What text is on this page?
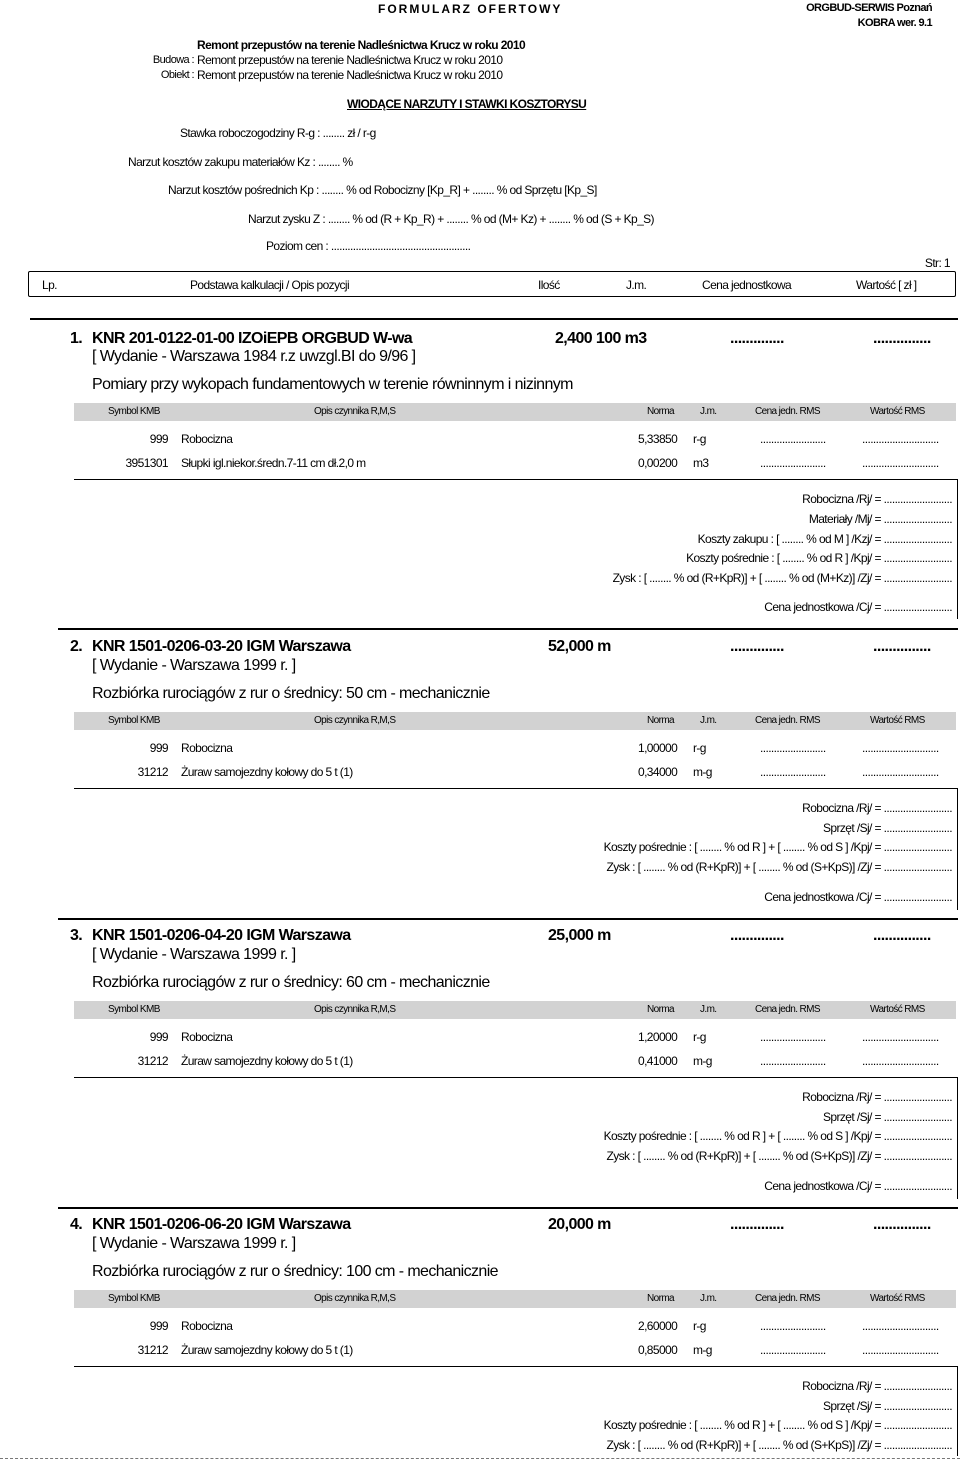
FORMULARZ OFERTOWY	ORGBUD-SERWIS Poznań
KOBRA wer. 9.1
Remont przepustów na terenie Nadleśnictwa Krucz w roku 2010
Budowa : Remont przepustów na terenie Nadleśnictwa Krucz w roku 2010
Obiekt : Remont przepustów na terenie Nadleśnictwa Krucz w roku 2010
WIODĄCE NARZUTY I STAWKI KOSZTORYSU
Stawka roboczogodziny R-g : ........ zł / r-g
Narzut kosztów zakupu materiałów Kz : ........ %
Narzut kosztów pośrednich Kp : ........ % od Robocizny [Kp_R] + ........ % od Sprzętu [Kp_S]
Narzut zysku Z : ........ % od (R + Kp_R) + ........ % od (M+ Kz) + ........ % od (S + Kp_S)
Poziom cen : ...................................................
Str: 1
Lp.	Podstawa kalkulacji / Opis pozycji	Ilość	J.m.	Cena jednostkowa	Wartość [ zł ]
1. KNR 201-0122-01-00 IZOiEPB ORGBUD W-wa	2,400 100 m3	..............	...............
[ Wydanie - Warszawa 1984 r.z uwzgl.BI do 9/96 ]
Pomiary przy wykopach fundamentowych w terenie równinnym i nizinnym
Symbol KMB	Opis czynnika R,M,S	Norma	J.m.	Cena jedn. RMS	Wartość RMS
999 Robocizna	5,33850 r-g	........................	............................
3951301 Słupki igl.niekor.średn.7-11 cm dł.2,0 m	0,00200 m3	........................	............................
Robocizna /Rj/ = .........................
Materiały /Mj/ = .........................
Koszty zakupu : [ ........ % od M ] /Kzj/ = .........................
Koszty pośrednie : [ ........ % od R ] /Kpj/ = .........................
Zysk : [ ........ % od (R+KpR)] + [ ........ % od (M+Kz)] /Zj/ = .........................
Cena jednostkowa /Cj/ = .........................
2. KNR 1501-0206-03-20 IGM Warszawa	52,000 m	..............	...............
[ Wydanie - Warszawa 1999 r. ]
Rozbiórka rurociągów z rur o średnicy: 50 cm - mechanicznie
Symbol KMB	Opis czynnika R,M,S	Norma	J.m.	Cena jedn. RMS	Wartość RMS
999 Robocizna	1,00000 r-g	........................	............................
31212 Żuraw samojezdny kołowy do 5 t (1)	0,34000 m-g	........................	............................
Robocizna /Rj/ = .........................
Sprzęt /Sj/ = .........................
Koszty pośrednie : [ ........ % od R ] + [ ........ % od S ] /Kpj/ = .........................
Zysk : [ ........ % od (R+KpR)] + [ ........ % od (S+KpS)] /Zj/ = .........................
Cena jednostkowa /Cj/ = .........................
3. KNR 1501-0206-04-20 IGM Warszawa	25,000 m	..............	...............
[ Wydanie - Warszawa 1999 r. ]
Rozbiórka rurociągów z rur o średnicy: 60 cm - mechanicznie
Symbol KMB	Opis czynnika R,M,S	Norma	J.m.	Cena jedn. RMS	Wartość RMS
999 Robocizna	1,20000 r-g	........................	............................
31212 Żuraw samojezdny kołowy do 5 t (1)	0,41000 m-g	........................	............................
Robocizna /Rj/ = .........................
Sprzęt /Sj/ = .........................
Koszty pośrednie : [ ........ % od R ] + [ ........ % od S ] /Kpj/ = .........................
Zysk : [ ........ % od (R+KpR)] + [ ........ % od (S+KpS)] /Zj/ = .........................
Cena jednostkowa /Cj/ = .........................
4. KNR 1501-0206-06-20 IGM Warszawa	20,000 m	..............	...............
[ Wydanie - Warszawa 1999 r. ]
Rozbiórka rurociągów z rur o średnicy: 100 cm - mechanicznie
Symbol KMB	Opis czynnika R,M,S	Norma	J.m.	Cena jedn. RMS	Wartość RMS
999 Robocizna	2,60000 r-g	........................	............................
31212 Żuraw samojezdny kołowy do 5 t (1)	0,85000 m-g	........................	............................
Robocizna /Rj/ = .........................
Sprzęt /Sj/ = .........................
Koszty pośrednie : [ ........ % od R ] + [ ........ % od S ] /Kpj/ = .........................
Zysk : [ ........ % od (R+KpR)] + [ ........ % od (S+KpS)] /Zj/ = .........................
